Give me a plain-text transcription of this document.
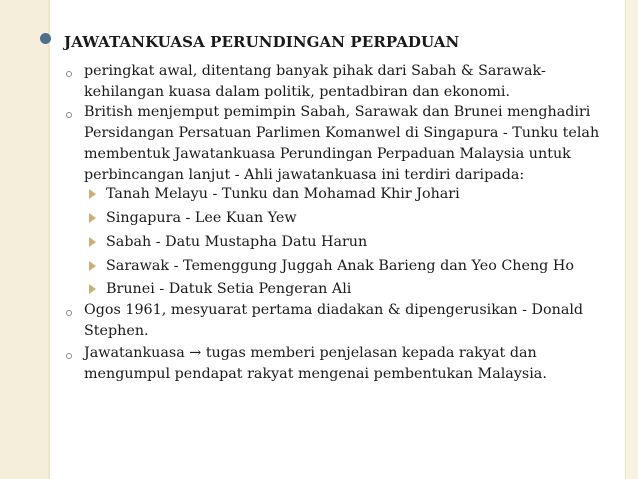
JAWATANKUASA PERUNDINGAN PERPADUAN
peringkat awal, ditentang banyak pihak dari Sabah & Sarawak-
kehilangan kuasa dalam politik, pentadbiran dan ekonomi.
British menjemput pemimpin Sabah, Sarawak dan Brunei menghadiri
Persidangan Persatuan Parlimen Komanwel di Singapura - Tunku telah
membentuk Jawatankuasa Perundingan Perpaduan Malaysia untuk
perbincangan lanjut - Ahli jawatankuasa ini terdiri daripada:
Tanah Melayu - Tunku dan Mohamad Khir Johari
Singapura - Lee Kuan Yew
Sabah - Datu Mustapha Datu Harun
Sarawak - Temenggung Juggah Anak Barieng dan Yeo Cheng Ho
Brunei - Datuk Setia Pengeran Ali
Ogos 1961, mesyuarat pertama diadakan & dipengerusikan - Donald
Stephen.
Jawatankuasa → tugas memberi penjelasan kepada rakyat dan
mengumpul pendapat rakyat mengenai pembentukan Malaysia.
